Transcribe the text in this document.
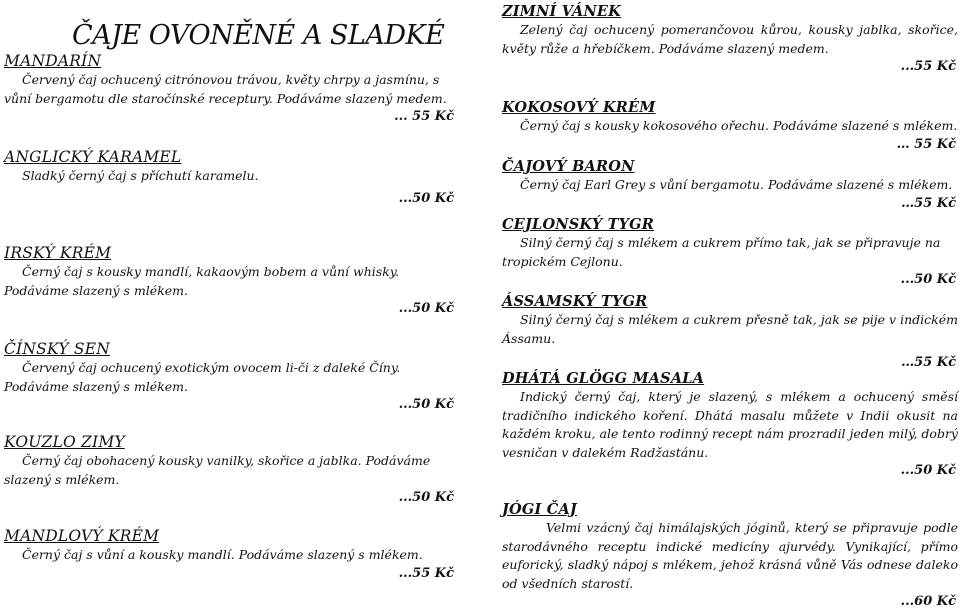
ČAJE OVONĚNÉ A SLADKÉ
MANDARÍN
Červený čaj ochucený citrónovou trávou, květy chrpy a jasmínu, s vůní bergamotu dle staročínské receptury. Podáváme slazený medem.
... 55 Kč
ANGLICKÝ KARAMEL
Sladký černý čaj s příchutí karamelu.
...50 Kč
IRSKÝ KRÉM
Černý čaj s kousky mandlí, kakaovým bobem a vůní whisky. Podáváme slazený s mlékem.
...50 Kč
ČÍNSKÝ SEN
Červený čaj ochucený exotickým ovocem li-či z daleké Číny. Podáváme slazený s mlékem.
...50 Kč
KOUZLO ZIMY
Černý čaj obohacený kousky vanilky, skořice a jablka. Podáváme slazený s mlékem.
...50 Kč
MANDLOVÝ KRÉM
Černý čaj s vůní a kousky mandlí. Podáváme slazený s mlékem.
...55 Kč
ZIMNÍ VÁNEK
Zelený čaj ochucený pomerančovou kůrou, kousky jablka, skořice, květy růže a hřebíčkem. Podáváme slazený medem.
...55 Kč
KOKOSOVÝ KRÉM
Černý čaj s kousky kokosového ořechu. Podáváme slazené s mlékem.
… 55 Kč
ČAJOVÝ BARON
Černý čaj Earl Grey s vůní bergamotu. Podáváme slazené s mlékem.
…55 Kč
CEJLONSKÝ TYGR
Silný černý čaj s mlékem a cukrem přímo tak, jak se připravuje na tropickém Cejlonu.
...50 Kč
ÁSSAMSKÝ TYGR
Silný černý čaj s mlékem a cukrem přesně tak, jak se pije v indickém Ássamu.
…55 Kč
DHÁTÁ GLÖGG MASALA
Indický černý čaj, který je slazený, s mlékem a ochucený směsí tradičního indického koření. Dhátá masalu můžete v Indii okusit na každém kroku, ale tento rodinný recept nám prozradil jeden milý, dobrý vesničan v dalekém Radžastánu.
...50 Kč
JÓGI ČAJ
Velmi vzácný čaj himálajských jóginů, který se připravuje podle starodávného receptu indické medicíny ajurvédy. Vynikající, přímo euforický, sladký nápoj s mlékem, jehož krásná vůně Vás odnese daleko od všedních starostí.
...60 Kč
